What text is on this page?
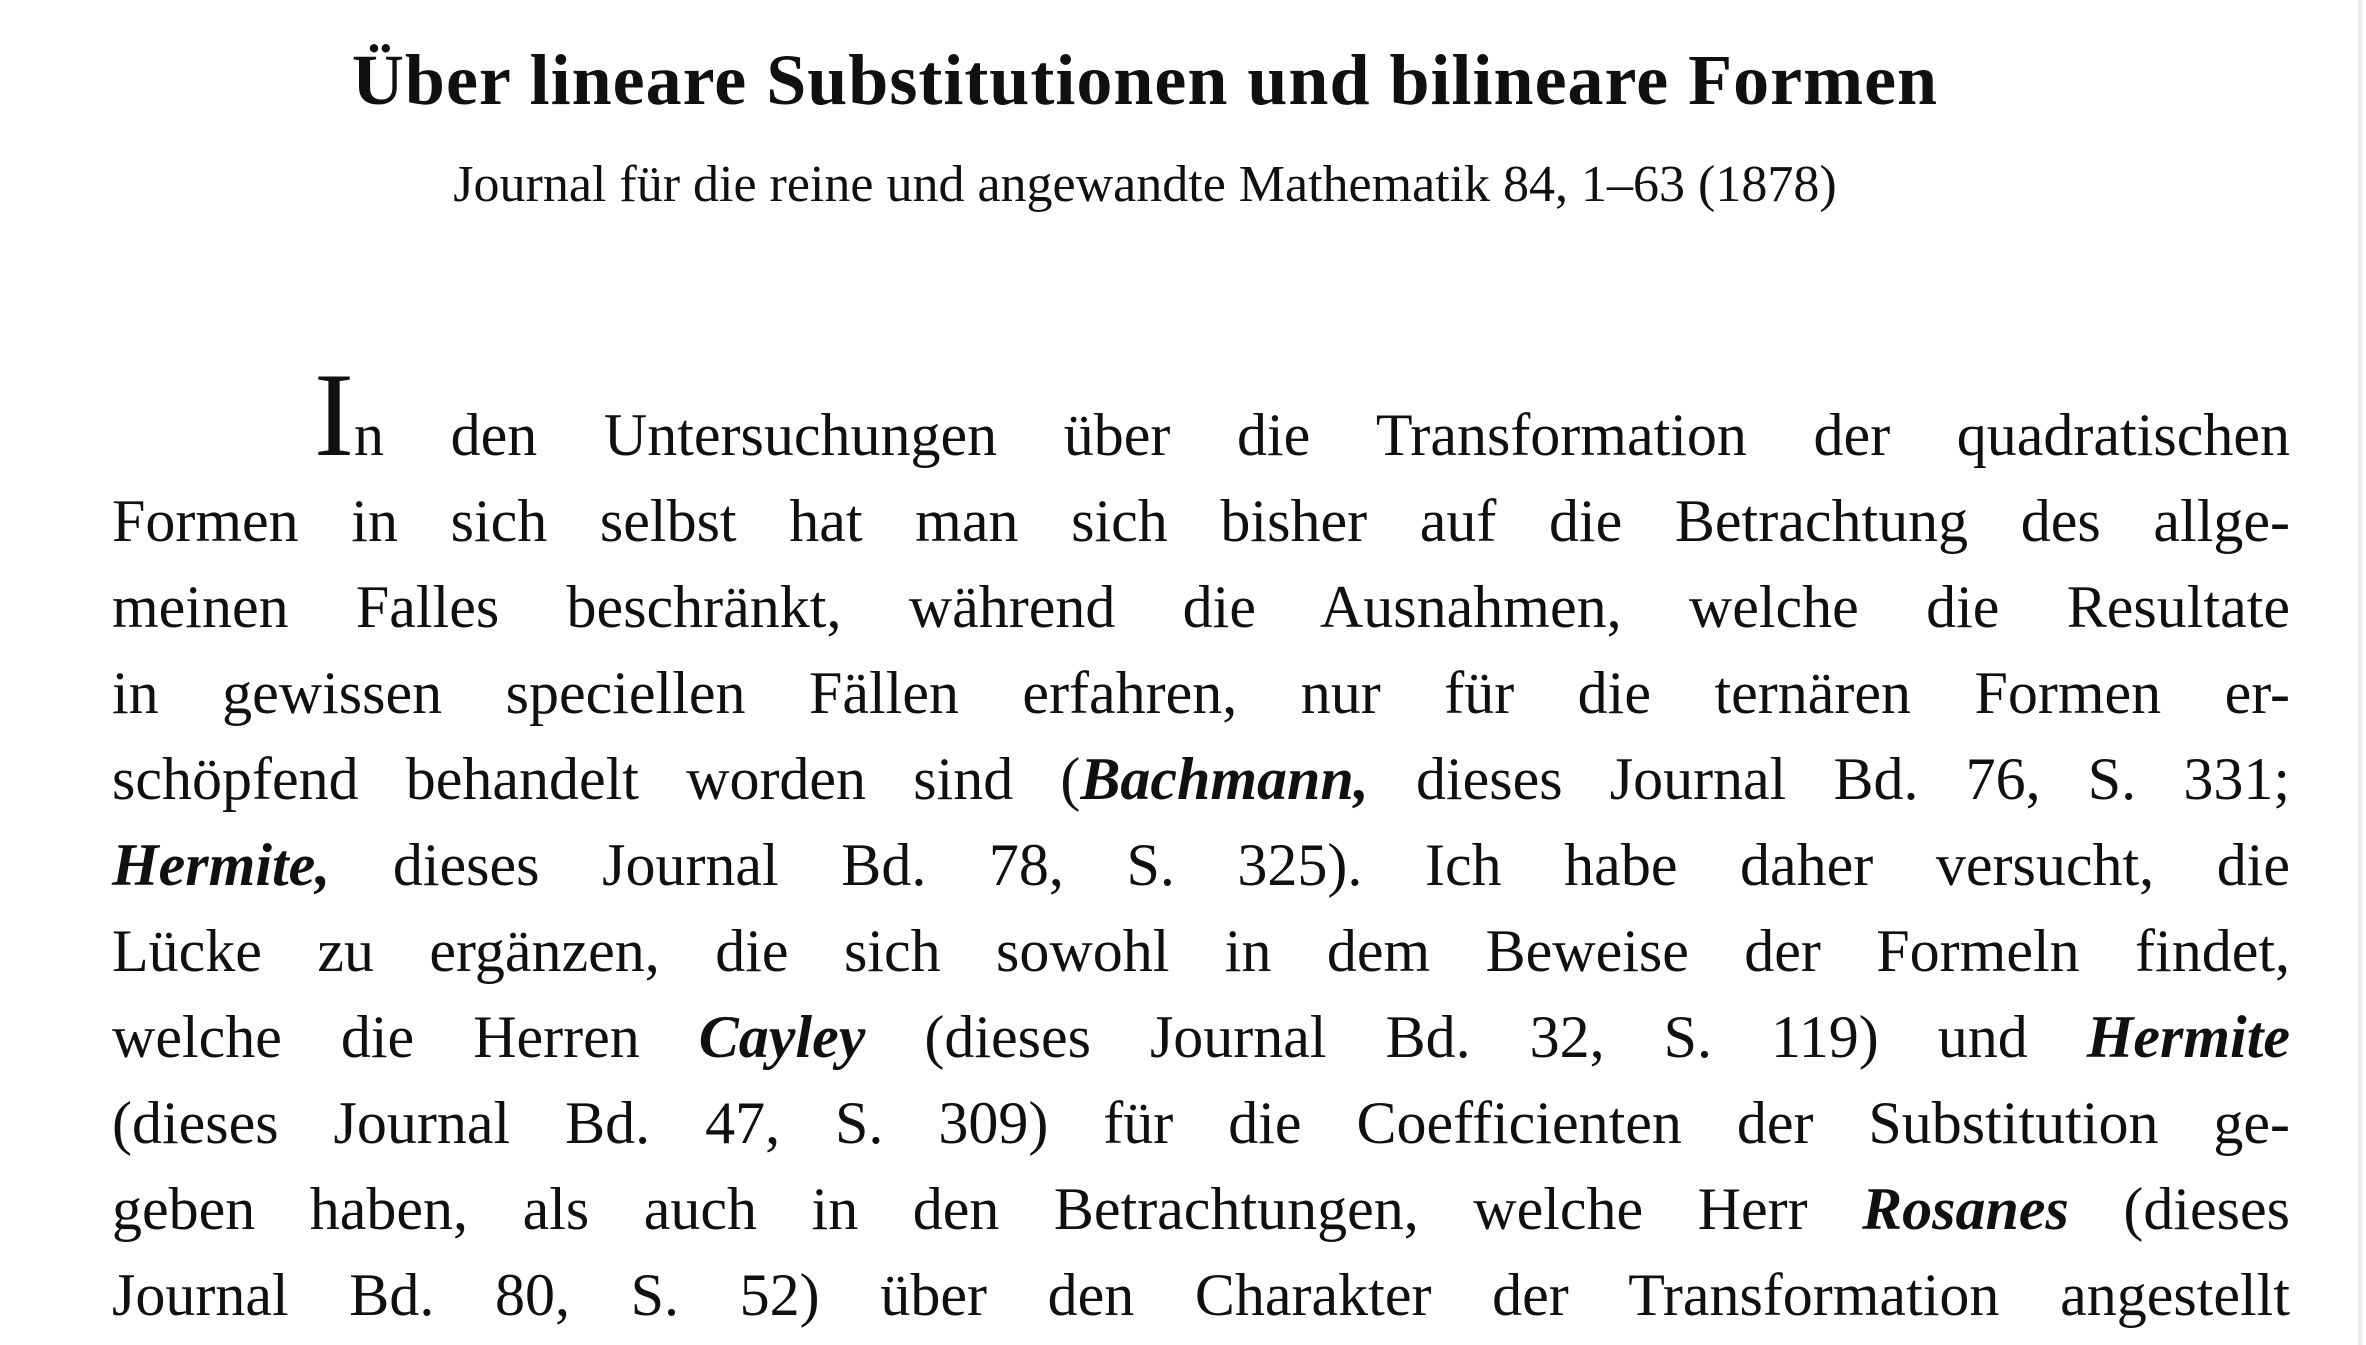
Über lineare Substitutionen und bilineare Formen
Journal für die reine und angewandte Mathematik 84, 1–63 (1878)
In den Untersuchungen über die Transformation der quadratischen
Formen in sich selbst hat man sich bisher auf die Betrachtung des allge-
meinen Falles beschränkt, während die Ausnahmen, welche die Resultate
in gewissen speciellen Fällen erfahren, nur für die ternären Formen er-
schöpfend behandelt worden sind (Bachmann, dieses Journal Bd. 76, S. 331;
Hermite, dieses Journal Bd. 78, S. 325). Ich habe daher versucht, die
Lücke zu ergänzen, die sich sowohl in dem Beweise der Formeln findet,
welche die Herren Cayley (dieses Journal Bd. 32, S. 119) und Hermite
(dieses Journal Bd. 47, S. 309) für die Coefficienten der Substitution ge-
geben haben, als auch in den Betrachtungen, welche Herr Rosanes (dieses
Journal Bd. 80, S. 52) über den Charakter der Transformation angestellt
